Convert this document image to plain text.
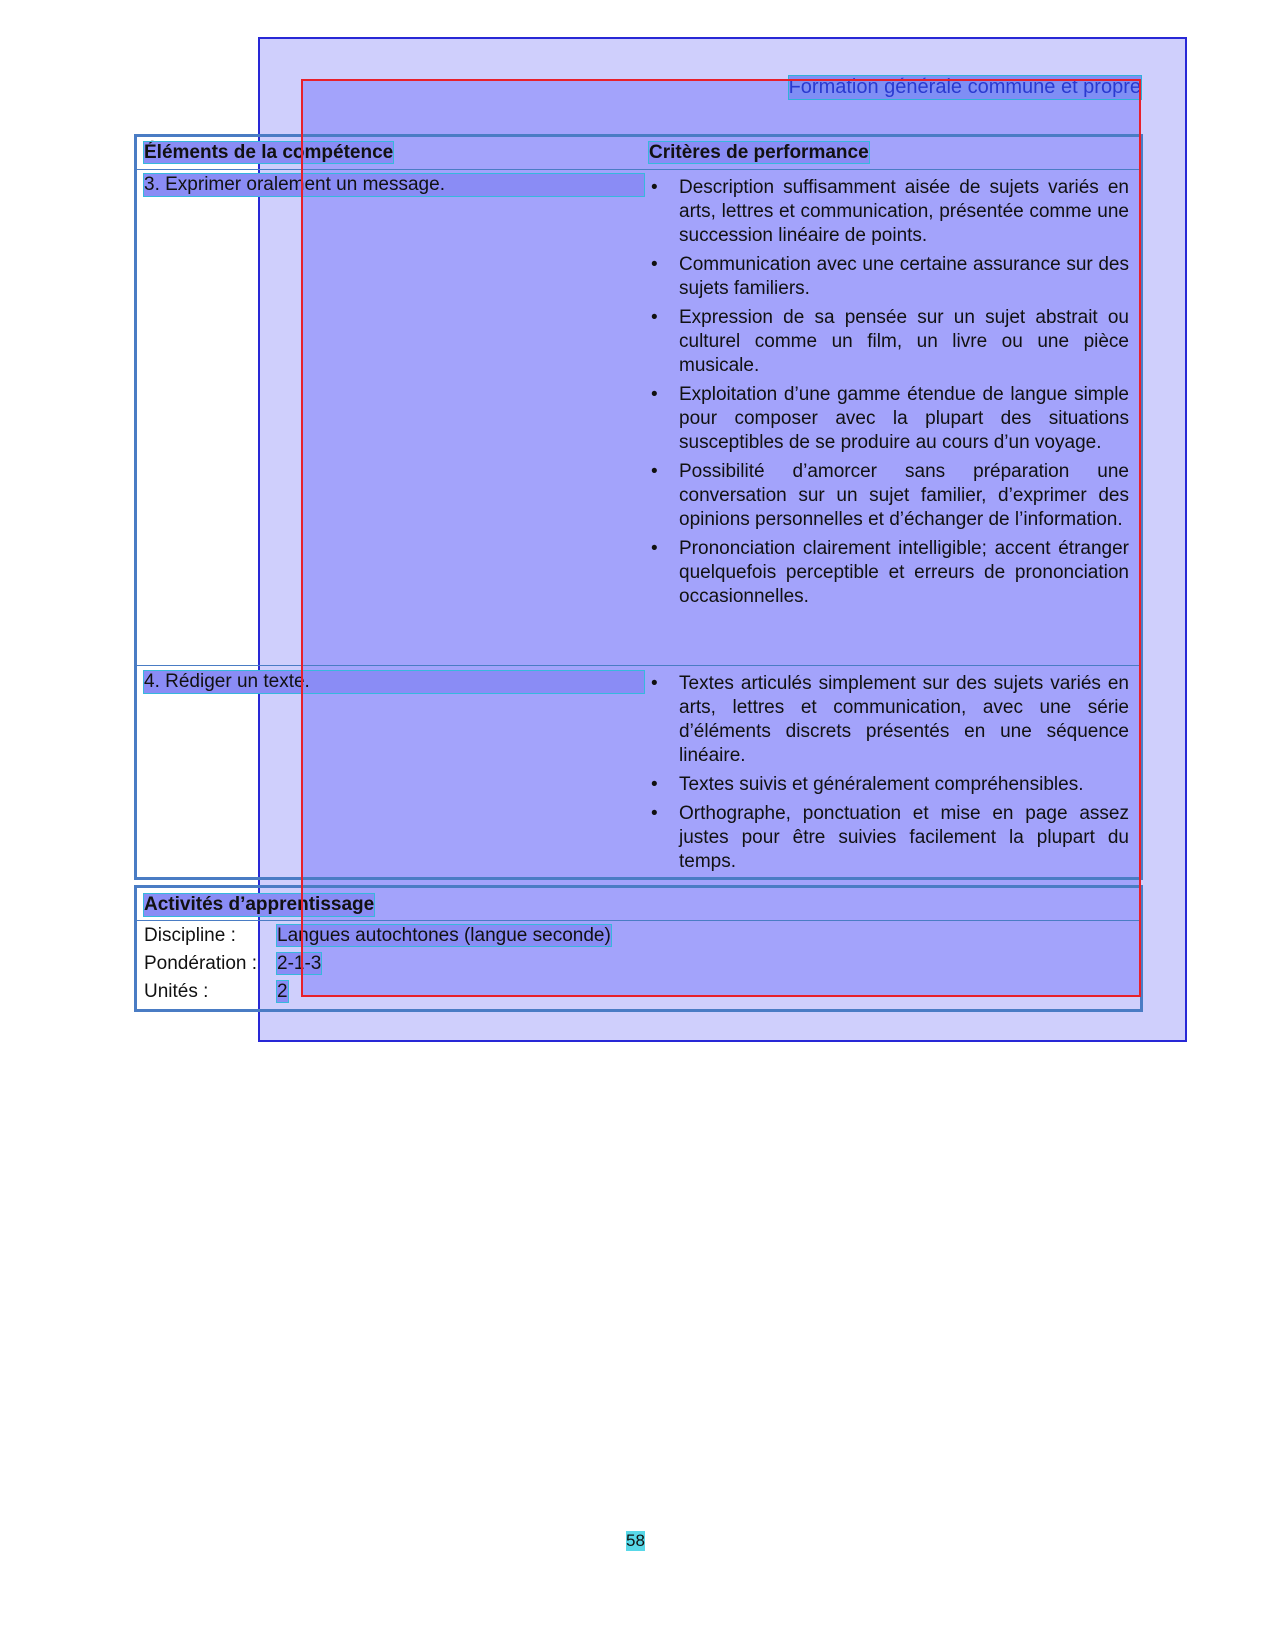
Formation générale commune et propre
Éléments de la compétence	Critères de performance
3. Exprimer oralement un message.	• Description suffisamment aisée de sujets variés en arts, lettres et communication, présentée comme une succession linéaire de points.
• Communication avec une certaine assurance sur des sujets familiers.
• Expression de sa pensée sur un sujet abstrait ou culturel comme un film, un livre ou une pièce musicale.
• Exploitation d’une gamme étendue de langue simple pour composer avec la plupart des situations susceptibles de se produire au cours d’un voyage.
• Possibilité d’amorcer sans préparation une conversation sur un sujet familier, d’exprimer des opinions personnelles et d’échanger de l’information.
• Prononciation clairement intelligible; accent étranger quelquefois perceptible et erreurs de prononciation occasionnelles.
4. Rédiger un texte.	• Textes articulés simplement sur des sujets variés en arts, lettres et communication, avec une série d’éléments discrets présentés en une séquence linéaire.
• Textes suivis et généralement compréhensibles.
• Orthographe, ponctuation et mise en page assez justes pour être suivies facilement la plupart du temps.
Activités d’apprentissage
Discipline : Langues autochtones (langue seconde)
Pondération : 2-1-3
Unités :	2
58
